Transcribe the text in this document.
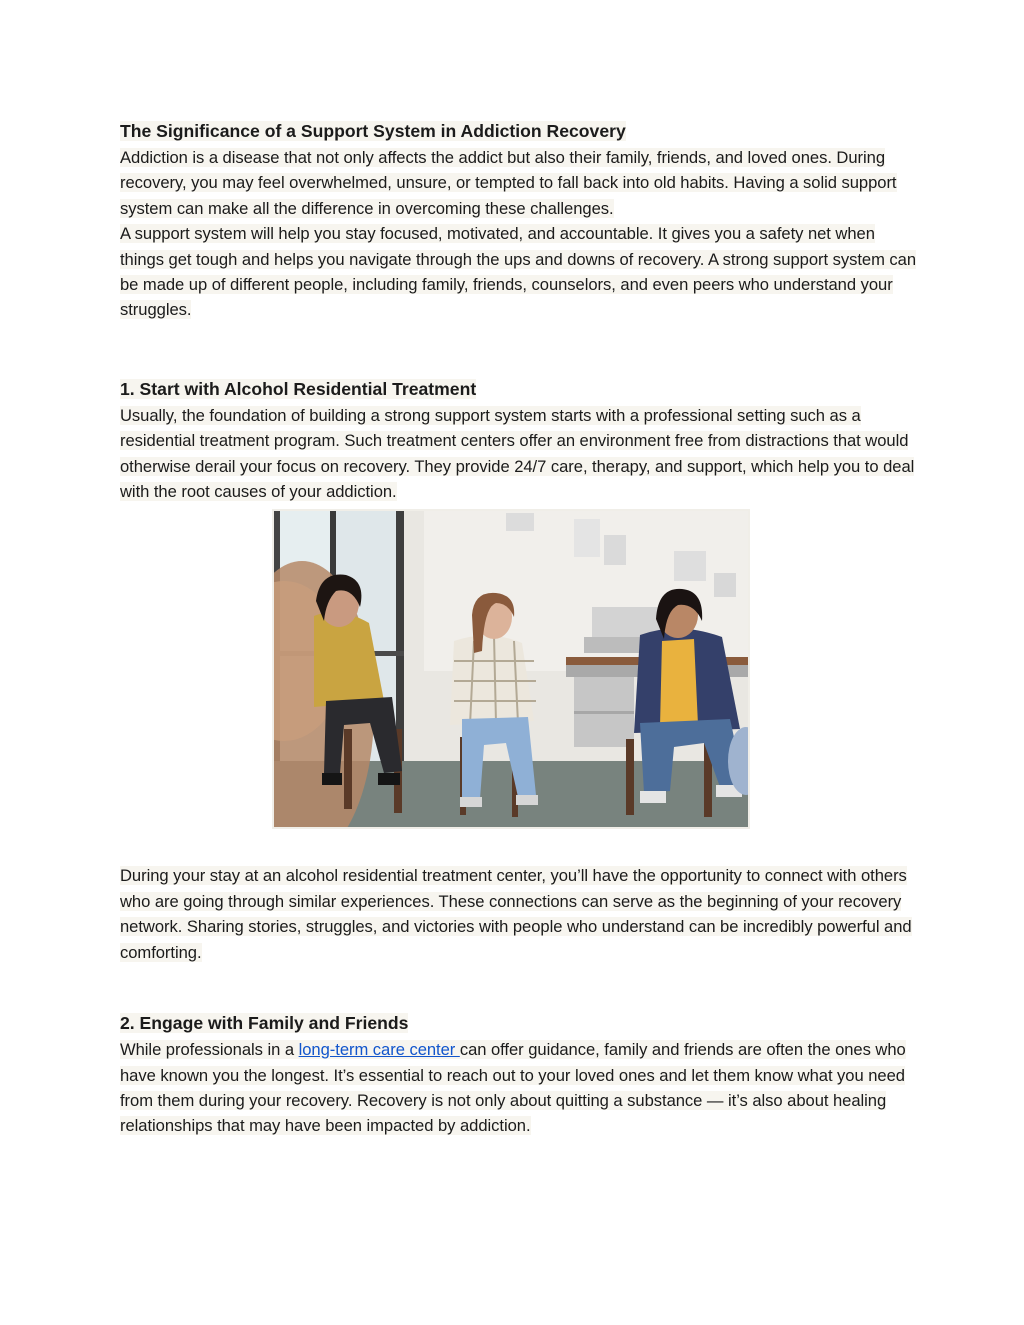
The Significance of a Support System in Addiction Recovery

Addiction is a disease that not only affects the addict but also their family, friends, and loved ones. During recovery, you may feel overwhelmed, unsure, or tempted to fall back into old habits. Having a solid support system can make all the difference in overcoming these challenges.

A support system will help you stay focused, motivated, and accountable. It gives you a safety net when things get tough and helps you navigate through the ups and downs of recovery. A strong support system can be made up of different people, including family, friends, counselors, and even peers who understand your struggles.

1. Start with Alcohol Residential Treatment

Usually, the foundation of building a strong support system starts with a professional setting such as a residential treatment program. Such treatment centers offer an environment free from distractions that would otherwise derail your focus on recovery. They provide 24/7 care, therapy, and support, which help you to deal with the root causes of your addiction.

During your stay at an alcohol residential treatment center, you’ll have the opportunity to connect with others who are going through similar experiences. These connections can serve as the beginning of your recovery network. Sharing stories, struggles, and victories with people who understand can be incredibly powerful and comforting.

2. Engage with Family and Friends

While professionals in a long-term care center can offer guidance, family and friends are often the ones who have known you the longest. It’s essential to reach out to your loved ones and let them know what you need from them during your recovery. Recovery is not only about quitting a substance — it’s also about healing relationships that may have been impacted by addiction.
